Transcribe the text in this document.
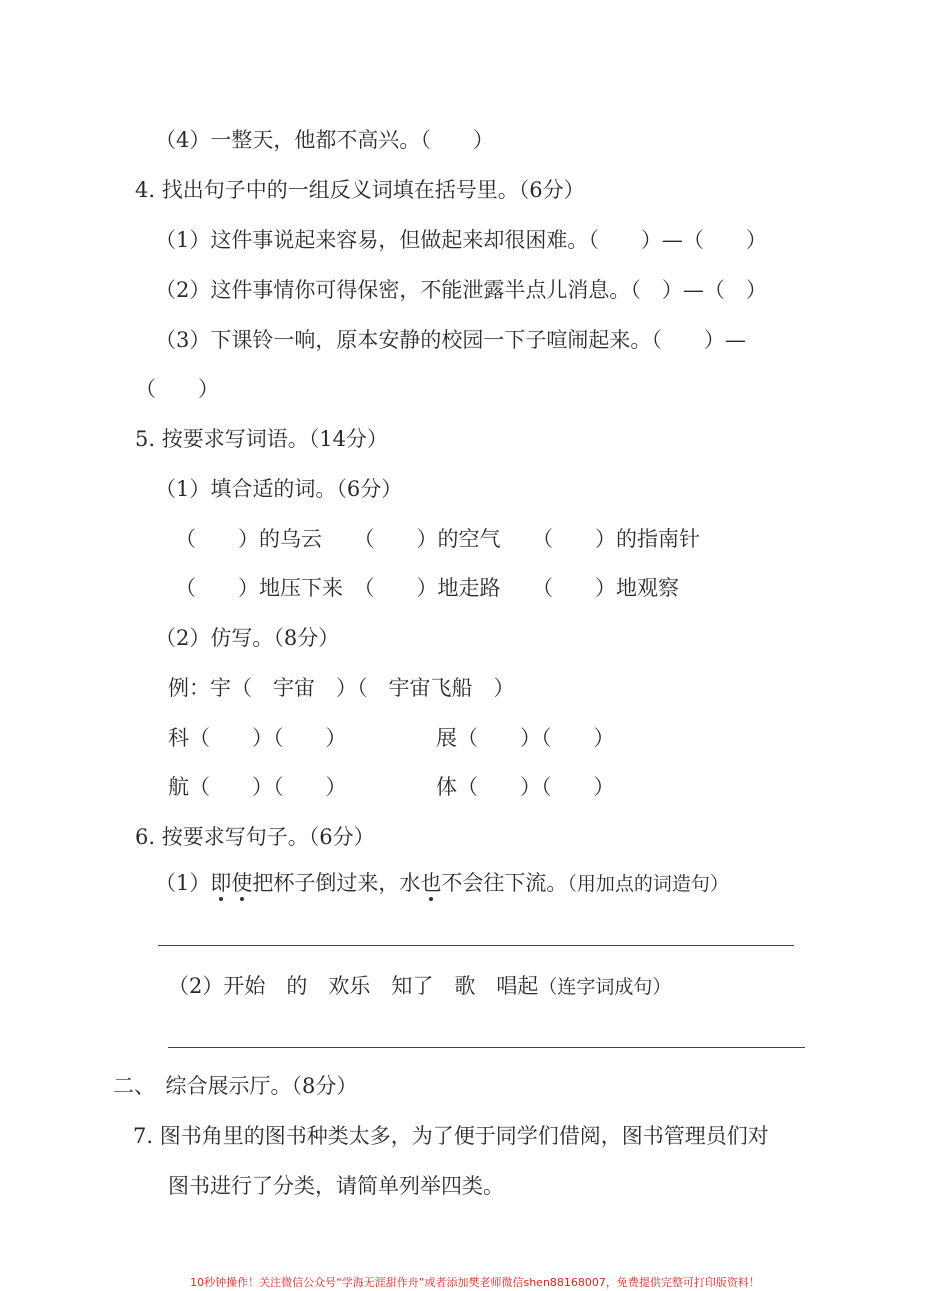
（4）一整天，他都不高兴。（　　）
4. 找出句子中的一组反义词填在括号里。（6分）
（1）这件事说起来容易，但做起来却很困难。（　　）—（　　）
（2）这件事情你可得保密，不能泄露半点儿消息。（　）—（　）
（3）下课铃一响，原本安静的校园一下子喧闹起来。（　　）—
（　　）
5. 按要求写词语。（14分）
（1）填合适的词。（6分）
（　　）的乌云　　（　　）的空气　　（　　）的指南针
（　　）地压下来　（　　）地走路　　（　　）地观察
（2）仿写。（8分）
例：宇（　宇宙　）（　宇宙飞船　）
科（　　）（　　）	展（　　）（　　）
航（　　）（　　）	体（　　）（　　）
6. 按要求写句子。（6分）
（1）即使把杯子倒过来，水也不会往下流。（用加点的词造句）
（2）开始　的　欢乐　知了　歌　唱起（连字词成句）
二、　综合展示厅。（8分）
7. 图书角里的图书种类太多，为了便于同学们借阅，图书管理员们对
图书进行了分类，请简单列举四类。
10秒钟操作！关注微信公众号“学海无涯甜作舟”或者添加樊老师微信shen88168007，免费提供完整可打印版资料！
